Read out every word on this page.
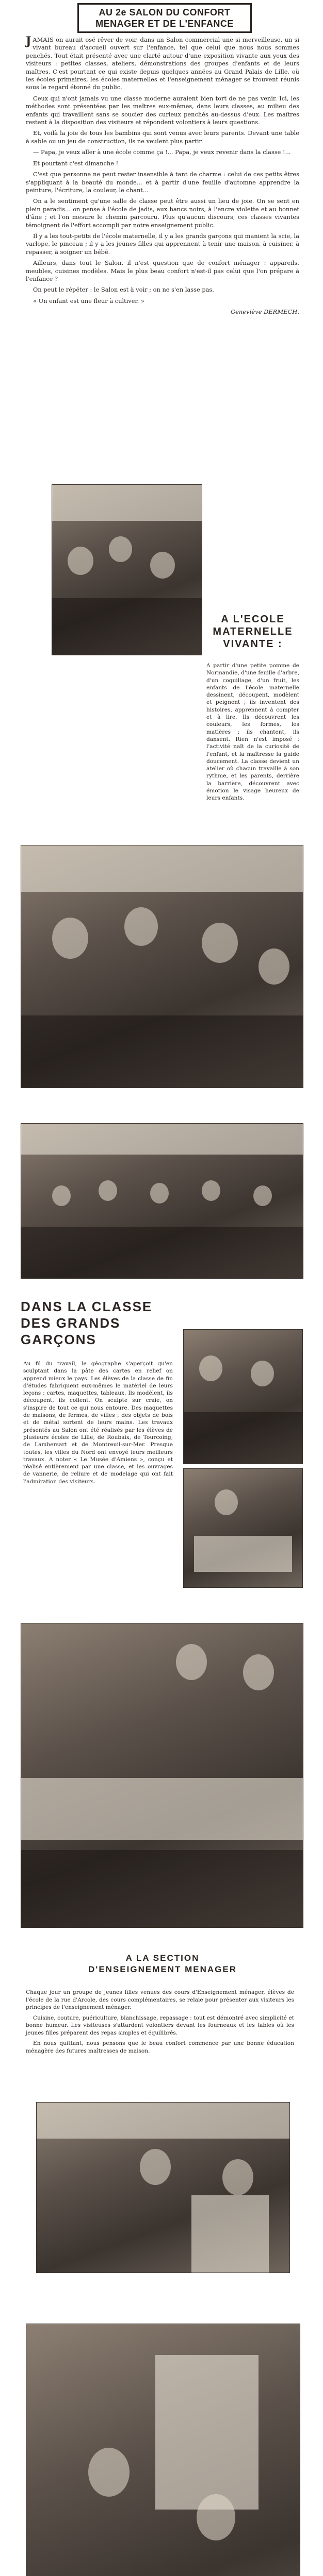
AU 2e SALON DU CONFORT
MENAGER ET DE L'ENFANCE

JAMAIS on aurait osé rêver de voir, dans un Salon commercial une si merveilleuse, un si vivant bureau d'accueil ouvert sur l'enfance, tel que celui que nous nous sommes penchés. Tout était présenté avec une clarté autour d'une exposition vivante aux yeux des visiteurs : petites classes, ateliers, démonstrations des groupes d'enfants et de leurs maîtres. C'est pourtant ce qui existe depuis quelques années au Grand Palais de Lille, où les écoles primaires, les écoles maternelles et l'enseignement ménager se trouvent réunis sous le regard étonné du public.

Ceux qui n'ont jamais vu une classe moderne auraient bien tort de ne pas venir. Ici, les méthodes sont présentées par les maîtres eux-mêmes, dans leurs classes, au milieu des enfants qui travaillent sans se soucier des curieux penchés au-dessus d'eux. Les maîtres restent à la disposition des visiteurs et répondent volontiers à leurs questions.

Et, voilà la joie de tous les bambins qui sont venus avec leurs parents. Devant une table à sable ou un jeu de construction, ils ne veulent plus partir.

— Papa, je veux aller à une école comme ça !... Papa, je veux revenir dans la classe !...

Et pourtant c'est dimanche !

C'est que personne ne peut rester insensible à tant de charme : celui de ces petits êtres s'appliquant à la beauté du monde... et à partir d'une feuille d'automne apprendre la peinture, l'écriture, la couleur, le chant...

On a le sentiment qu'une salle de classe peut être aussi un lieu de joie. On se sent en plein paradis... on pense à l'école de jadis, aux bancs noirs, à l'encre violette et au bonnet d'âne ; et l'on mesure le chemin parcouru. Plus qu'aucun discours, ces classes vivantes témoignent de l'effort accompli par notre enseignement public.

Il y a les tout-petits de l'école maternelle, il y a les grands garçons qui manient la scie, la varlope, le pinceau ; il y a les jeunes filles qui apprennent à tenir une maison, à cuisiner, à repasser, à soigner un bébé.

Ailleurs, dans tout le Salon, il n'est question que de confort ménager : appareils, meubles, cuisines modèles. Mais le plus beau confort n'est-il pas celui que l'on prépare à l'enfance ?

On peut le répéter : le Salon est à voir ; on ne s'en lasse pas.

« Un enfant est une fleur à cultiver. »

Geneviève DERMECH.
A L'ECOLE
MATERNELLE
VIVANTE :

A partir d'une petite pomme de Normandie, d'une feuille d'arbre, d'un coquillage, d'un fruit, les enfants de l'école maternelle dessinent, découpent, modèlent et peignent ; ils inventent des histoires, apprennent à compter et à lire. Ils découvrent les couleurs, les formes, les matières ; ils chantent, ils dansent. Rien n'est imposé : l'activité naît de la curiosité de l'enfant, et la maîtresse la guide doucement. La classe devient un atelier où chacun travaille à son rythme, et les parents, derrière la barrière, découvrent avec émotion le visage heureux de leurs enfants.

DANS LA CLASSE
DES GRANDS
GARÇONS

Au fil du travail, le géographe s'aperçoit qu'en sculptant dans la pâte des cartes en relief on apprend mieux le pays. Les élèves de la classe de fin d'études fabriquent eux-mêmes le matériel de leurs leçons : cartes, maquettes, tableaux. Ils modèlent, ils découpent, ils collent. On sculpte sur craie, on s'inspire de tout ce qui nous entoure. Des maquettes de maisons, de fermes, de villes ; des objets de bois et de métal sortent de leurs mains. Les travaux présentés au Salon ont été réalisés par les élèves de plusieurs écoles de Lille, de Roubaix, de Tourcoing, de Lambersart et de Montreuil-sur-Mer. Presque toutes, les villes du Nord ont envoyé leurs meilleurs travaux. A noter « Le Musée d'Amiens », conçu et réalisé entièrement par une classe, et les ouvrages de vannerie, de reliure et de modelage qui ont fait l'admiration des visiteurs.

A LA SECTION
D'ENSEIGNEMENT MENAGER

Chaque jour un groupe de jeunes filles venues des cours d'Enseignement ménager, élèves de l'école de la rue d'Arcole, des cours complémentaires, se relaie pour présenter aux visiteurs les principes de l'enseignement ménager.

Cuisine, couture, puériculture, blanchissage, repassage : tout est démontré avec simplicité et bonne humeur. Les visiteuses s'attardent volontiers devant les fourneaux et les tables où les jeunes filles préparent des repas simples et équilibrés.

En nous quittant, nous pensons que le beau confort commence par une bonne éducation ménagère des futures maîtresses de maison.
